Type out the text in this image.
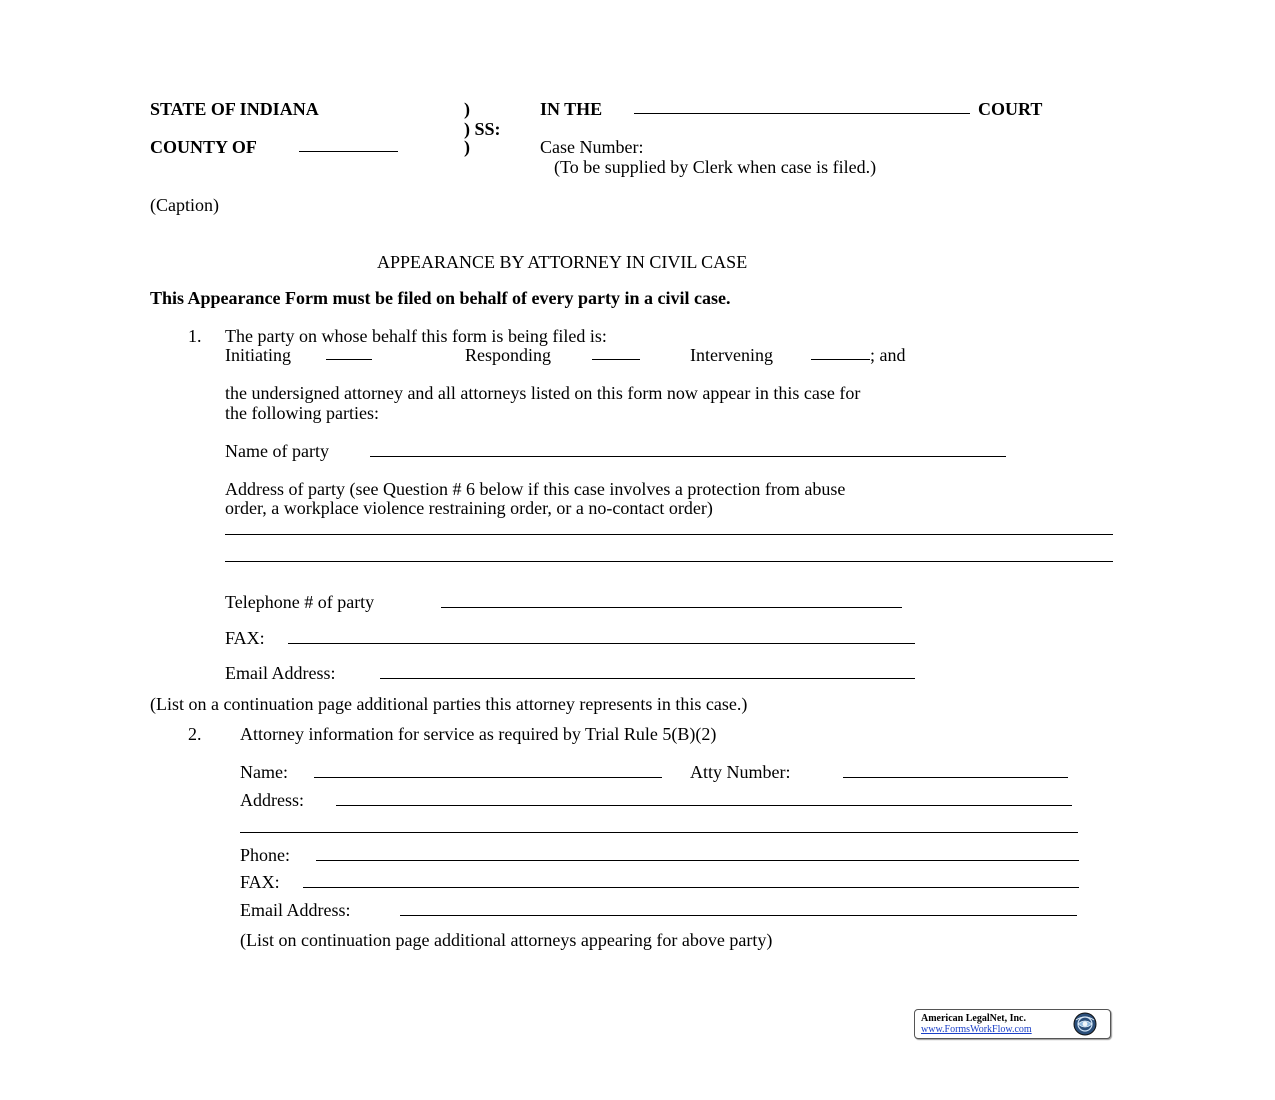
STATE OF INDIANA	)	IN THE	COURT
) SS:
COUNTY OF	)	Case Number:
(To be supplied by Clerk when case is filed.)
(Caption)
APPEARANCE BY ATTORNEY IN CIVIL CASE
This Appearance Form must be filed on behalf of every party in a civil case.
1. The party on whose behalf this form is being filed is:
Initiating	Responding	Intervening	; and
the undersigned attorney and all attorneys listed on this form now appear in this case for
the following parties:
Name of party
Address of party (see Question # 6 below if this case involves a protection from abuse
order, a workplace violence restraining order, or a no-contact order)
Telephone # of party
FAX:
Email Address:
(List on a continuation page additional parties this attorney represents in this case.)
2. Attorney information for service as required by Trial Rule 5(B)(2)
Name:	Atty Number:
Address:
Phone:
FAX:
Email Address:
(List on continuation page additional attorneys appearing for above party)
American LegalNet, Inc.
www.FormsWorkFlow.com
